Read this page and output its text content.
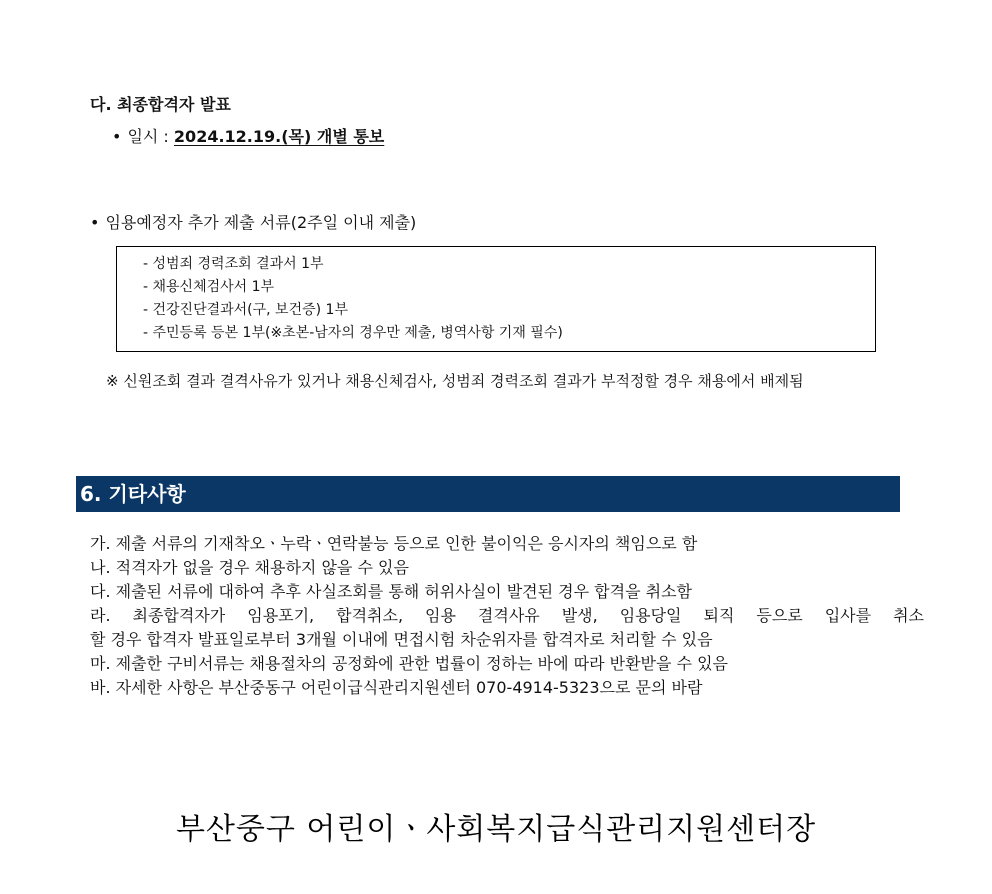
다. 최종합격자 발표
• 일시 : 2024.12.19.(목) 개별 통보
• 임용예정자 추가 제출 서류(2주일 이내 제출)
- 성범죄 경력조회 결과서 1부
- 채용신체검사서 1부
- 건강진단결과서(구, 보건증) 1부
- 주민등록 등본 1부(※초본-남자의 경우만 제출, 병역사항 기재 필수)
※ 신원조회 결과 결격사유가 있거나 채용신체검사, 성범죄 경력조회 결과가 부적정할 경우 채용에서 배제됨
6. 기타사항
가. 제출 서류의 기재착오ㆍ누락ㆍ연락불능 등으로 인한 불이익은 응시자의 책임으로 함
나. 적격자가 없을 경우 채용하지 않을 수 있음
다. 제출된 서류에 대하여 추후 사실조회를 통해 허위사실이 발견된 경우 합격을 취소함
라. 최종합격자가 임용포기, 합격취소, 임용 결격사유 발생, 임용당일 퇴직 등으로 입사를 취소
할 경우 합격자 발표일로부터 3개월 이내에 면접시험 차순위자를 합격자로 처리할 수 있음
마. 제출한 구비서류는 채용절차의 공정화에 관한 법률이 정하는 바에 따라 반환받을 수 있음
바. 자세한 사항은 부산중동구 어린이급식관리지원센터 070-4914-5323으로 문의 바람
부산중구 어린이ㆍ사회복지급식관리지원센터장
